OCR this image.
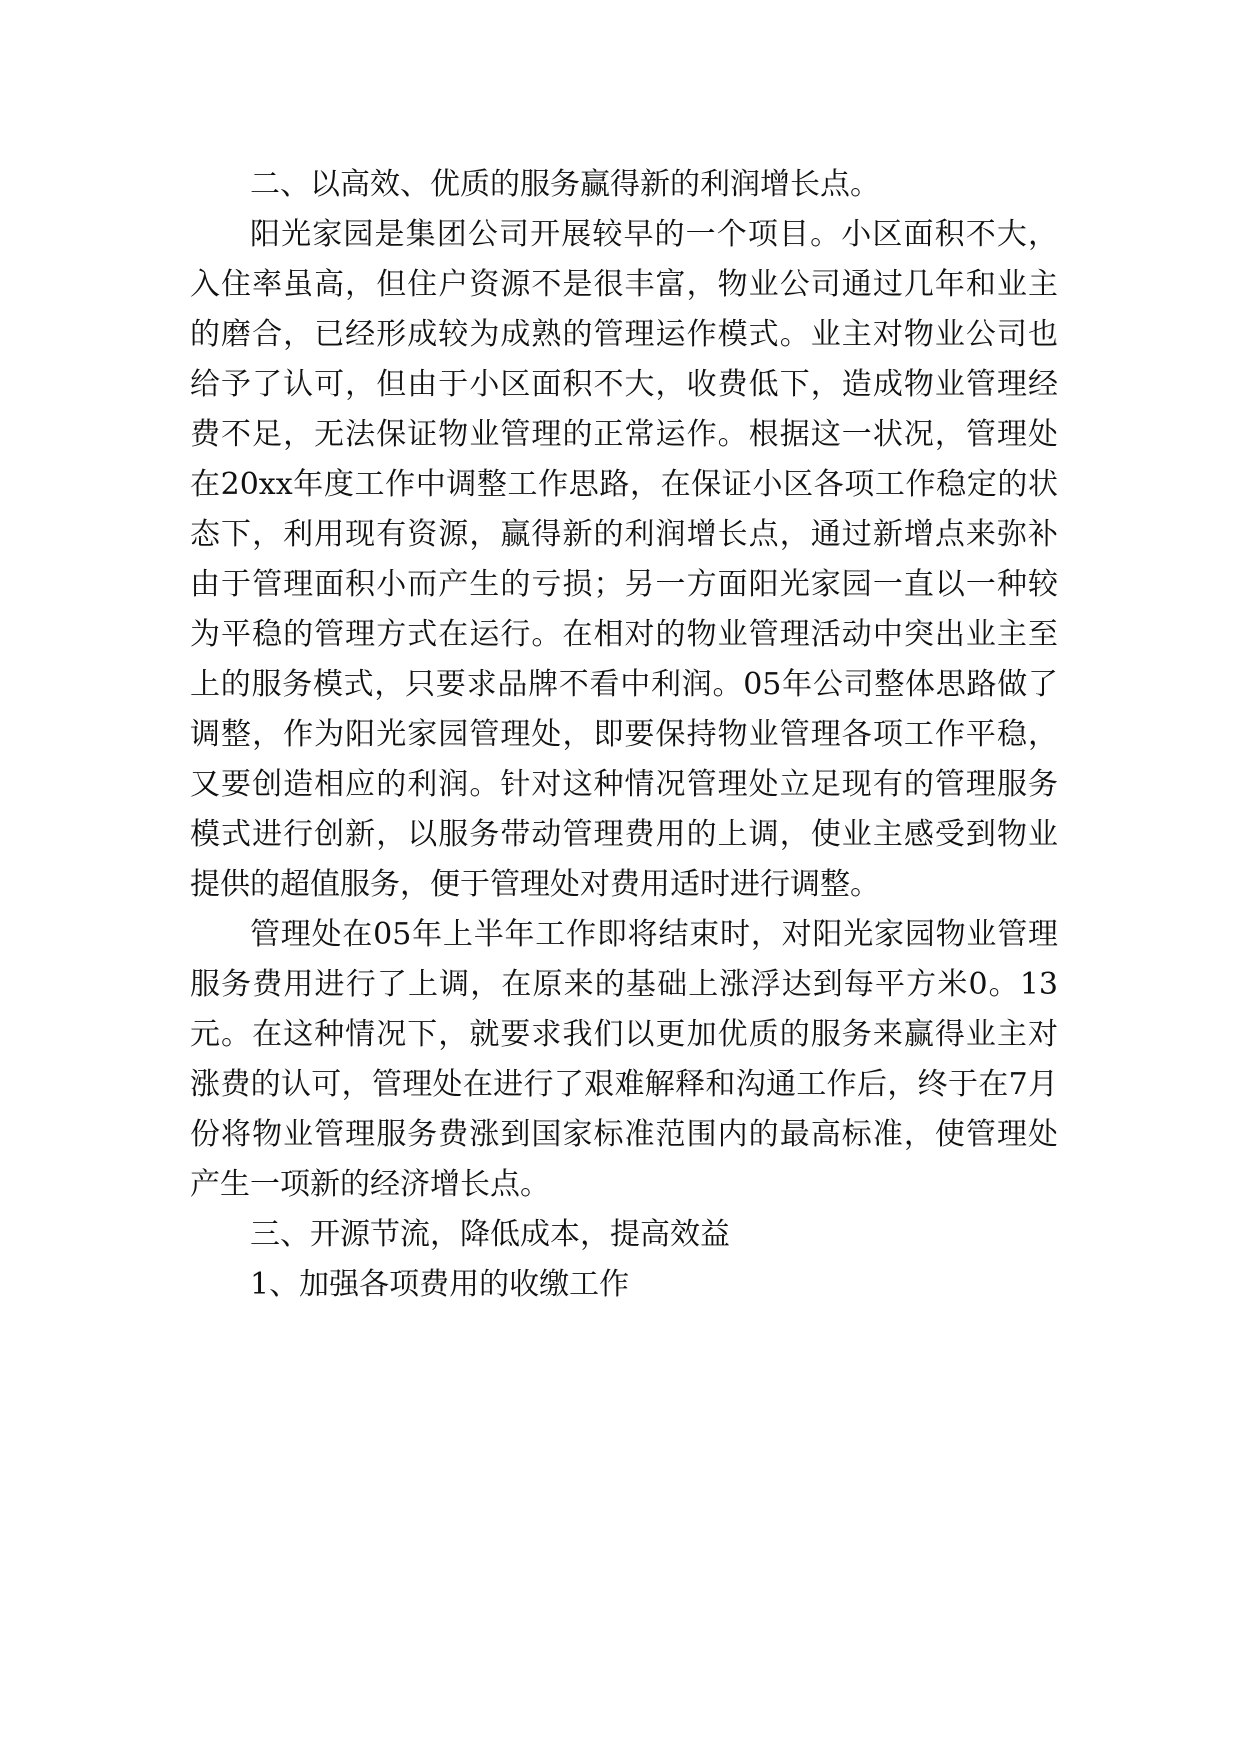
二、以高效、优质的服务赢得新的利润增长点。

阳光家园是集团公司开展较早的一个项目。小区面积不大，入住率虽高，但住户资源不是很丰富，物业公司通过几年和业主的磨合，已经形成较为成熟的管理运作模式。业主对物业公司也给予了认可，但由于小区面积不大，收费低下，造成物业管理经费不足，无法保证物业管理的正常运作。根据这一状况，管理处在20xx年度工作中调整工作思路，在保证小区各项工作稳定的状态下，利用现有资源，赢得新的利润增长点，通过新增点来弥补由于管理面积小而产生的亏损；另一方面阳光家园一直以一种较为平稳的管理方式在运行。在相对的物业管理活动中突出业主至上的服务模式，只要求品牌不看中利润。05年公司整体思路做了调整，作为阳光家园管理处，即要保持物业管理各项工作平稳，又要创造相应的利润。针对这种情况管理处立足现有的管理服务模式进行创新，以服务带动管理费用的上调，使业主感受到物业提供的超值服务，便于管理处对费用适时进行调整。

管理处在05年上半年工作即将结束时，对阳光家园物业管理服务费用进行了上调，在原来的基础上涨浮达到每平方米0。13元。在这种情况下，就要求我们以更加优质的服务来赢得业主对涨费的认可，管理处在进行了艰难解释和沟通工作后，终于在7月份将物业管理服务费涨到国家标准范围内的最高标准，使管理处产生一项新的经济增长点。

三、开源节流，降低成本，提高效益

1、加强各项费用的收缴工作
